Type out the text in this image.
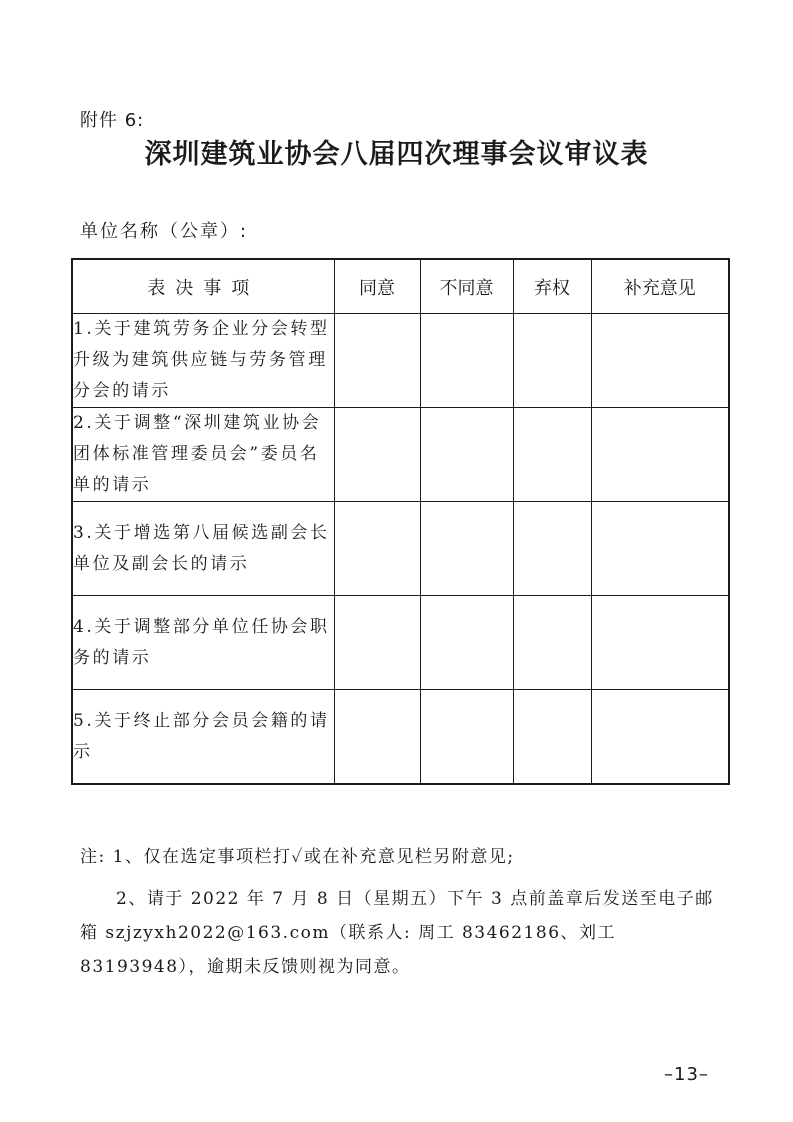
附件 6:
深圳建筑业协会八届四次理事会议审议表
单位名称（公章）:
表决事项	同意	不同意	弃权	补充意见
1.关于建筑劳务企业分会转型升级为建筑供应链与劳务管理分会的请示				
2.关于调整“深圳建筑业协会团体标准管理委员会”委员名单的请示				
3.关于增选第八届候选副会长单位及副会长的请示				
4.关于调整部分单位任协会职务的请示				
5.关于终止部分会员会籍的请示				
注: 1、仅在选定事项栏打✓或在补充意见栏另附意见;
2、请于 2022 年 7 月 8 日（星期五）下午 3 点前盖章后发送至电子邮箱 szjzyxh2022@163.com（联系人: 周工 83462186、刘工 83193948），逾期未反馈则视为同意。
–13–
